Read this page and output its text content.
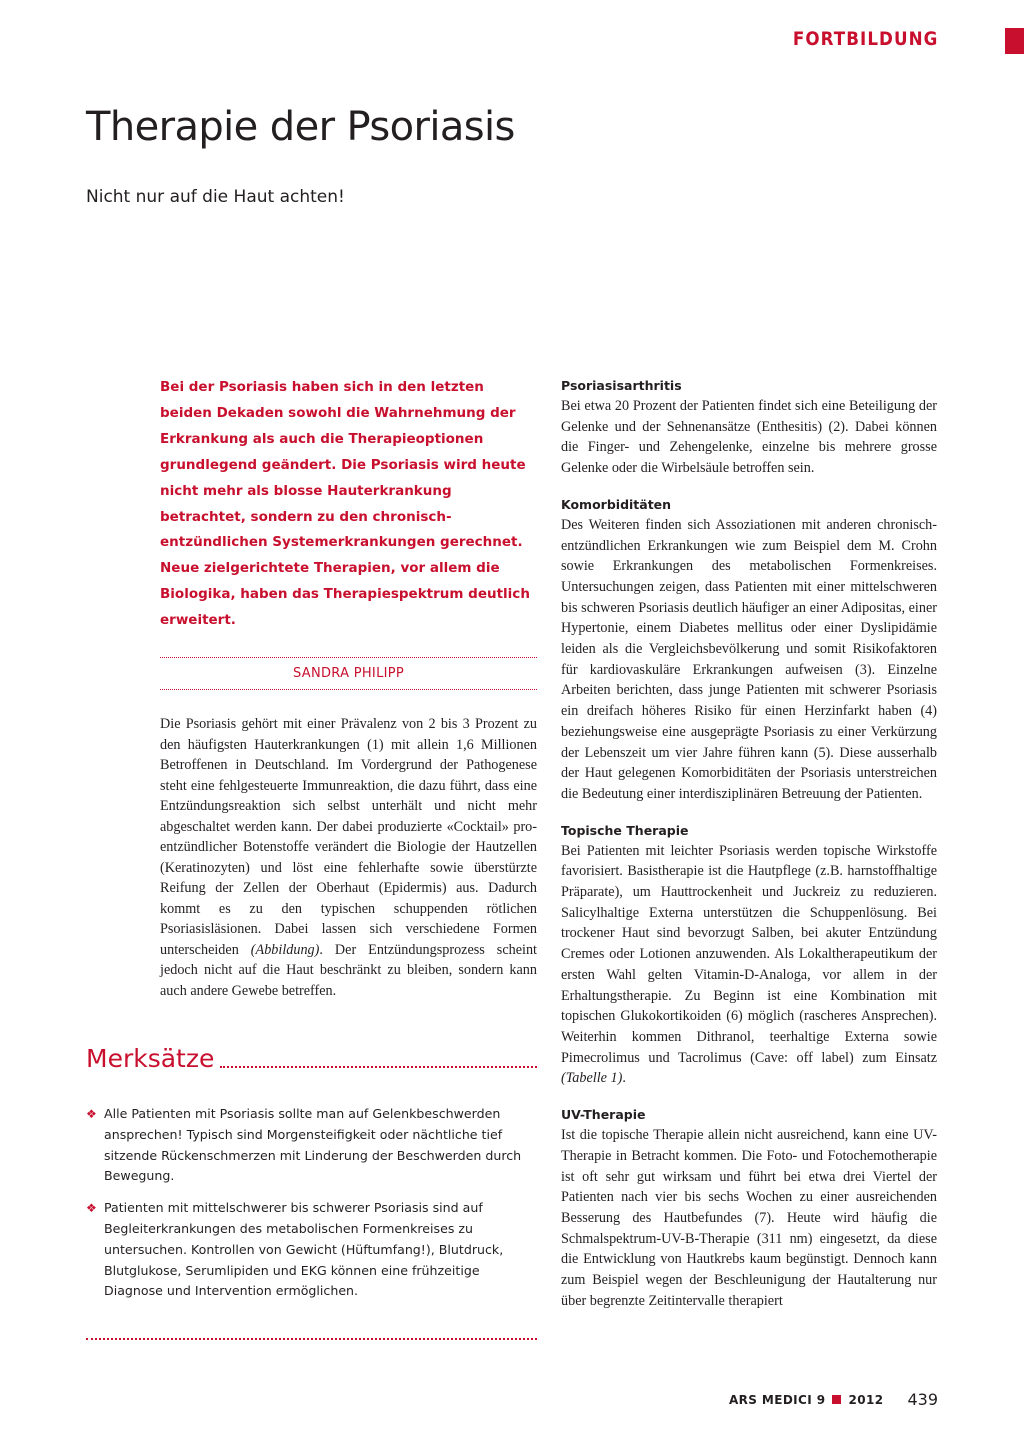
FORTBILDUNG
Therapie der Psoriasis
Nicht nur auf die Haut achten!

Bei der Psoriasis haben sich in den letzten beiden Dekaden sowohl die Wahrnehmung der Erkrankung als auch die Therapieoptionen grundlegend geändert. Die Psoriasis wird heute nicht mehr als blosse Hauterkrankung betrachtet, sondern zu den chronisch-entzündlichen Systemerkrankungen gerechnet. Neue zielgerichtete Therapien, vor allem die Biologika, haben das Therapiespektrum deutlich erweitert.

SANDRA PHILIPP

Die Psoriasis gehört mit einer Prävalenz von 2 bis 3 Prozent zu den häufigsten Hauterkrankungen (1) mit allein 1,6 Millionen Betroffenen in Deutschland. Im Vordergrund der Pathogenese steht eine fehlgesteuerte Immunreaktion, die dazu führt, dass eine Entzündungsreaktion sich selbst unterhält und nicht mehr abgeschaltet werden kann. Der dabei produzierte «Cocktail» pro-entzündlicher Botenstoffe verändert die Biologie der Hautzellen (Keratinozyten) und löst eine fehlerhafte sowie überstürzte Reifung der Zellen der Oberhaut (Epidermis) aus. Dadurch kommt es zu den typischen schuppenden rötlichen Psoriasisläsionen. Dabei lassen sich verschiedene Formen unterscheiden (Abbildung). Der Entzündungsprozess scheint jedoch nicht auf die Haut beschränkt zu bleiben, sondern kann auch andere Gewebe betreffen.

Merksätze
❖ Alle Patienten mit Psoriasis sollte man auf Gelenkbeschwerden ansprechen! Typisch sind Morgensteifigkeit oder nächtliche tief sitzende Rückenschmerzen mit Linderung der Beschwerden durch Bewegung.
❖ Patienten mit mittelschwerer bis schwerer Psoriasis sind auf Begleiterkrankungen des metabolischen Formenkreises zu untersuchen. Kontrollen von Gewicht (Hüftumfang!), Blutdruck, Blutglukose, Serumlipiden und EKG können eine frühzeitige Diagnose und Intervention ermöglichen.
Psoriasisarthritis

Bei etwa 20 Prozent der Patienten findet sich eine Beteiligung der Gelenke und der Sehnenansätze (Enthesitis) (2). Dabei können die Finger- und Zehengelenke, einzelne bis mehrere grosse Gelenke oder die Wirbelsäule betroffen sein.

Komorbiditäten

Des Weiteren finden sich Assoziationen mit anderen chronisch-entzündlichen Erkrankungen wie zum Beispiel dem M. Crohn sowie Erkrankungen des metabolischen Formenkreises. Untersuchungen zeigen, dass Patienten mit einer mittelschweren bis schweren Psoriasis deutlich häufiger an einer Adipositas, einer Hypertonie, einem Diabetes mellitus oder einer Dyslipidämie leiden als die Vergleichsbevölkerung und somit Risikofaktoren für kardiovaskuläre Erkrankungen aufweisen (3). Einzelne Arbeiten berichten, dass junge Patienten mit schwerer Psoriasis ein dreifach höheres Risiko für einen Herzinfarkt haben (4) beziehungsweise eine ausgeprägte Psoriasis zu einer Verkürzung der Lebenszeit um vier Jahre führen kann (5). Diese ausserhalb der Haut gelegenen Komorbiditäten der Psoriasis unterstreichen die Bedeutung einer interdisziplinären Betreuung der Patienten.

Topische Therapie

Bei Patienten mit leichter Psoriasis werden topische Wirkstoffe favorisiert. Basistherapie ist die Hautpflege (z.B. harnstoffhaltige Präparate), um Hauttrockenheit und Juckreiz zu reduzieren. Salicylhaltige Externa unterstützen die Schuppenlösung. Bei trockener Haut sind bevorzugt Salben, bei akuter Entzündung Cremes oder Lotionen anzuwenden. Als Lokaltherapeutikum der ersten Wahl gelten Vitamin-D-Analoga, vor allem in der Erhaltungstherapie. Zu Beginn ist eine Kombination mit topischen Glukokortikoiden (6) möglich (rascheres Ansprechen). Weiterhin kommen Dithranol, teerhaltige Externa sowie Pimecrolimus und Tacrolimus (Cave: off label) zum Einsatz (Tabelle 1).

UV-Therapie

Ist die topische Therapie allein nicht ausreichend, kann eine UV-Therapie in Betracht kommen. Die Foto- und Fotochemotherapie ist oft sehr gut wirksam und führt bei etwa drei Viertel der Patienten nach vier bis sechs Wochen zu einer ausreichenden Besserung des Hautbefundes (7). Heute wird häufig die Schmalspektrum-UV-B-Therapie (311 nm) eingesetzt, da diese die Entwicklung von Hautkrebs kaum begünstigt. Dennoch kann zum Beispiel wegen der Beschleunigung der Hautalterung nur über begrenzte Zeitintervalle therapiert

ARS MEDICI 9 2012 439
